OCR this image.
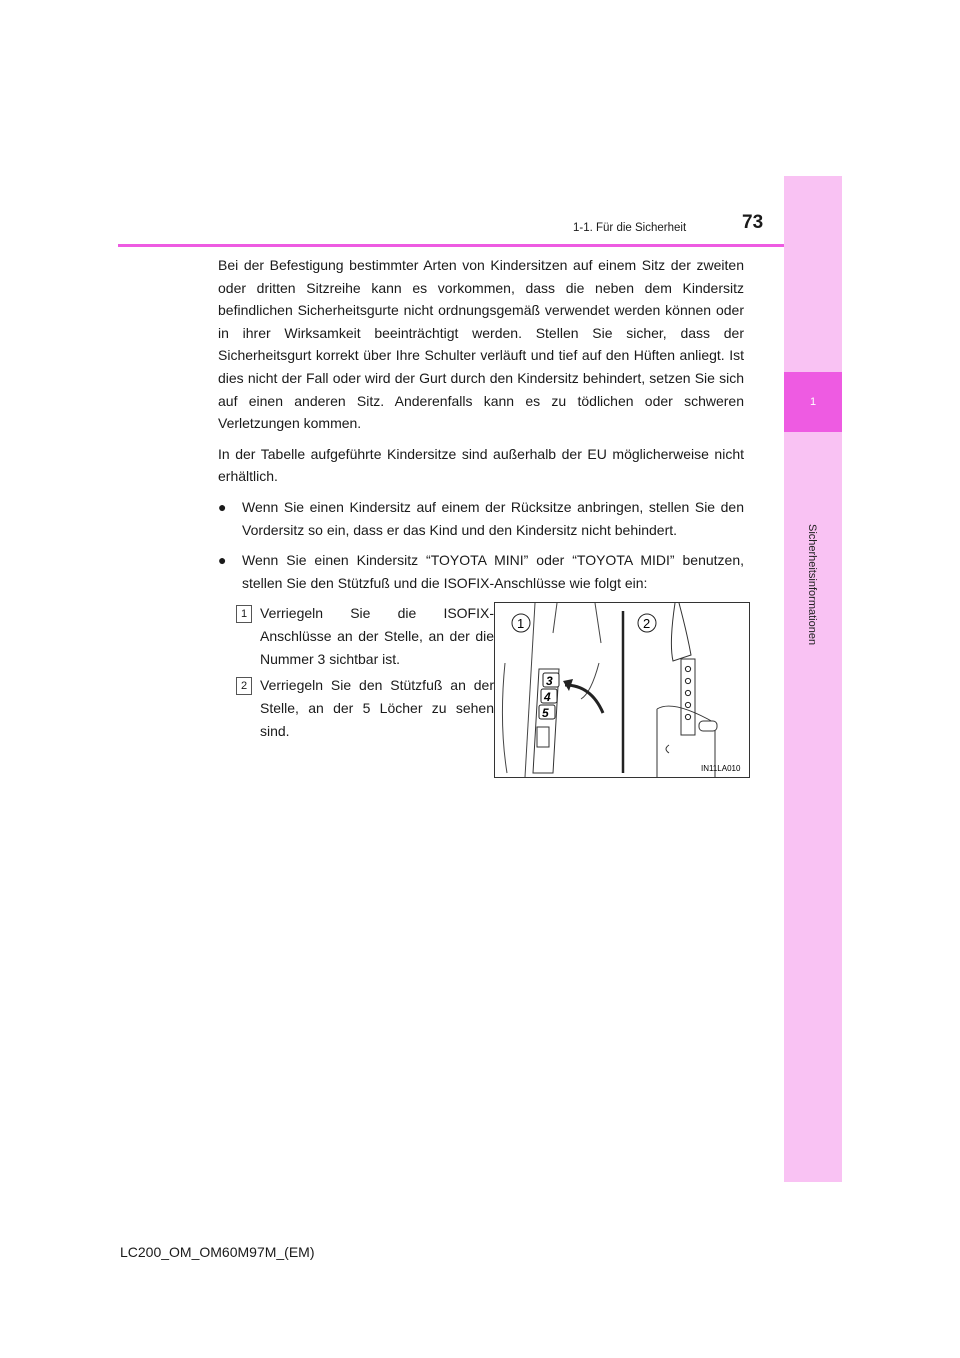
1
Sicherheitsinformationen
1-1. Für die Sicherheit	73

Bei der Befestigung bestimmter Arten von Kindersitzen auf einem Sitz der zweiten oder dritten Sitzreihe kann es vorkommen, dass die neben dem Kindersitz befindlichen Sicherheitsgurte nicht ordnungsgemäß verwendet werden können oder in ihrer Wirksamkeit beeinträchtigt werden. Stellen Sie sicher, dass der Sicherheitsgurt korrekt über Ihre Schulter verläuft und tief auf den Hüften anliegt. Ist dies nicht der Fall oder wird der Gurt durch den Kindersitz behindert, setzen Sie sich auf einen anderen Sitz. Anderenfalls kann es zu tödlichen oder schweren Verletzungen kommen.

In der Tabelle aufgeführte Kindersitze sind außerhalb der EU möglicherweise nicht erhältlich.

●	Wenn Sie einen Kindersitz auf einem der Rücksitze anbringen, stellen Sie den Vordersitz so ein, dass er das Kind und den Kindersitz nicht behindert.
●	Wenn Sie einen Kindersitz “TOYOTA MINI” oder “TOYOTA MIDI” benutzen, stellen Sie den Stützfuß und die ISOFIX-Anschlüsse wie folgt ein:
1 Verriegeln Sie die ISOFIX-Anschlüsse an der Stelle, an der die Nummer 3 sichtbar ist.
2 Verriegeln Sie den Stützfuß an der Stelle, an der 5 Löcher zu sehen sind.
3
4
5
1	2
IN11LA010
LC200_OM_OM60M97M_(EM)
